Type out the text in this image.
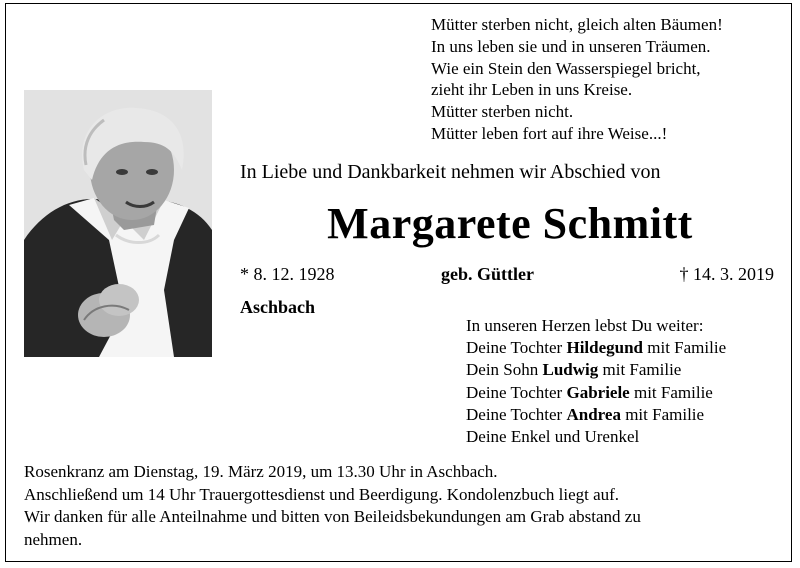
Mütter sterben nicht, gleich alten Bäumen!
In uns leben sie und in unseren Träumen.
Wie ein Stein den Wasserspiegel bricht,
zieht ihr Leben in uns Kreise.
Mütter sterben nicht.
Mütter leben fort auf ihre Weise...!
In Liebe und Dankbarkeit nehmen wir Abschied von
Margarete Schmitt
* 8. 12. 1928	geb. Güttler	† 14. 3. 2019
Aschbach
In unseren Herzen lebst Du weiter:
Deine Tochter Hildegund mit Familie
Dein Sohn Ludwig mit Familie
Deine Tochter Gabriele mit Familie
Deine Tochter Andrea mit Familie
Deine Enkel und Urenkel
Rosenkranz am Dienstag, 19. März 2019, um 13.30 Uhr in Aschbach.
Anschließend um 14 Uhr Trauergottesdienst und Beerdigung. Kondolenzbuch liegt auf.
Wir danken für alle Anteilnahme und bitten von Beileidsbekundungen am Grab abstand zu
nehmen.
